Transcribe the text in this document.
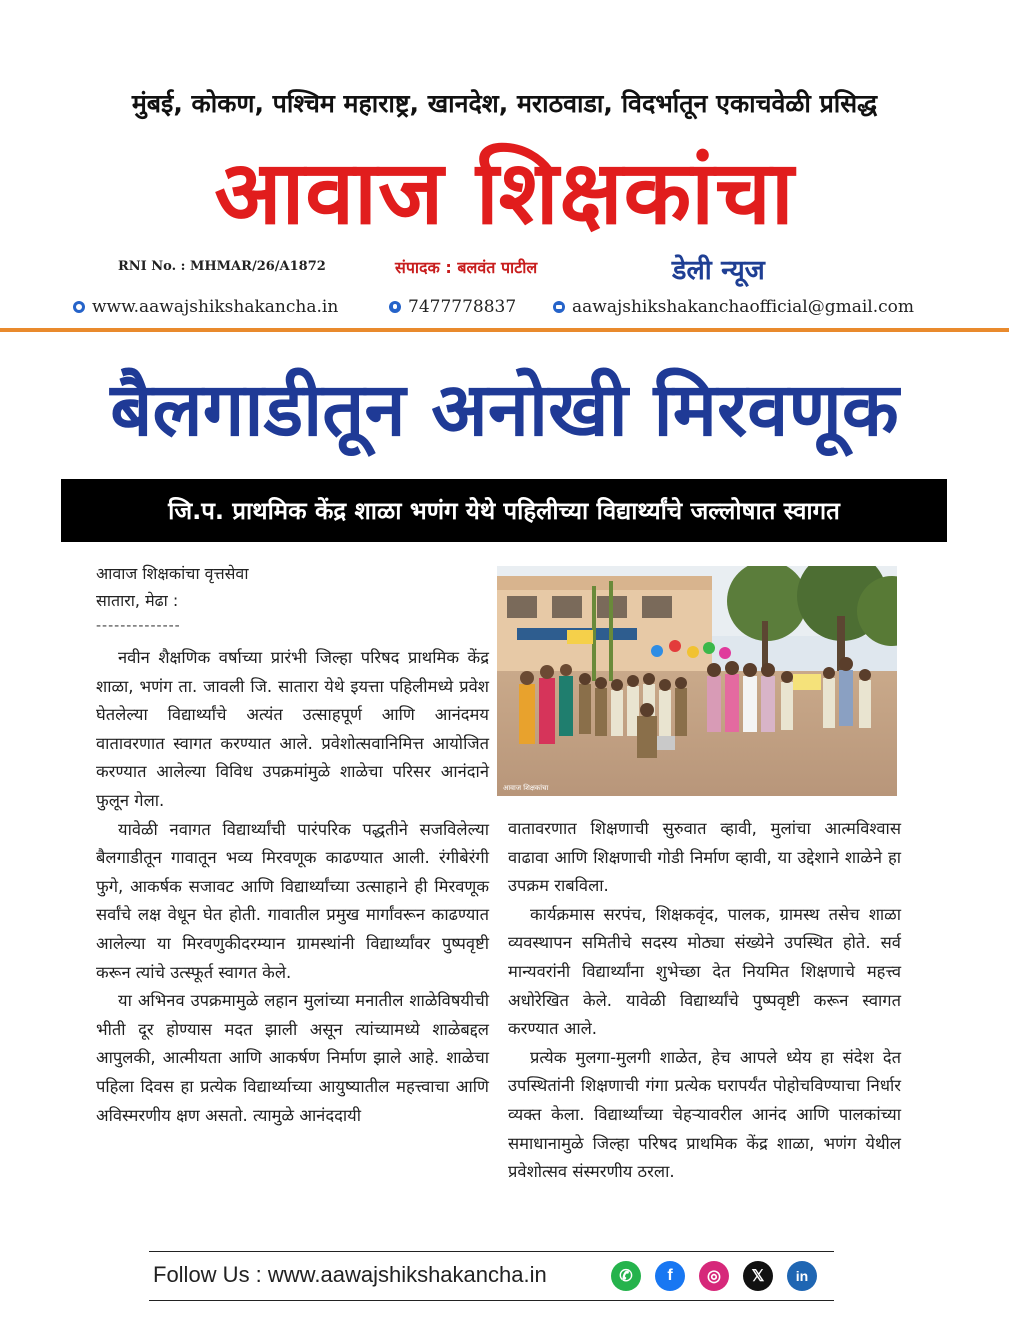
मुंबई, कोकण, पश्चिम महाराष्ट्र, खानदेश, मराठवाडा, विदर्भातून एकाचवेळी प्रसिद्ध
आवाज शिक्षकांचा
RNI No. : MHMAR/26/A1872	संपादक : बलवंत पाटील	डेली न्यूज
www.aawajshikshakancha.in	7477778837	aawajshikshakanchaofficial@gmail.com
बैलगाडीतून अनोखी मिरवणूक
जि.प. प्राथमिक केंद्र शाळा भणंग येथे पहिलीच्या विद्यार्थ्यांचे जल्लोषात स्वागत
आवाज शिक्षकांचा वृत्तसेवा
सातारा, मेढा :
--------------
आवाज शिक्षकांचा

नवीन शैक्षणिक वर्षाच्या प्रारंभी जिल्हा परिषद प्राथमिक केंद्र शाळा, भणंग ता. जावली जि. सातारा येथे इयत्ता पहिलीमध्ये प्रवेश घेतलेल्या विद्यार्थ्यांचे अत्यंत उत्साहपूर्ण आणि आनंदमय वातावरणात स्वागत करण्यात आले. प्रवेशोत्सवानिमित्त आयोजित करण्यात आलेल्या विविध उपक्रमांमुळे शाळेचा परिसर आनंदाने फुलून गेला.

यावेळी नवागत विद्यार्थ्यांची पारंपरिक पद्धतीने सजविलेल्या बैलगाडीतून गावातून भव्य मिरवणूक काढण्यात आली. रंगीबेरंगी फुगे, आकर्षक सजावट आणि विद्यार्थ्यांच्या उत्साहाने ही मिरवणूक सर्वांचे लक्ष वेधून घेत होती. गावातील प्रमुख मार्गांवरून काढण्यात आलेल्या या मिरवणुकीदरम्यान ग्रामस्थांनी विद्यार्थ्यांवर पुष्पवृष्टी करून त्यांचे उत्स्फूर्त स्वागत केले.

या अभिनव उपक्रमामुळे लहान मुलांच्या मनातील शाळेविषयीची भीती दूर होण्यास मदत झाली असून त्यांच्यामध्ये शाळेबद्दल आपुलकी, आत्मीयता आणि आकर्षण निर्माण झाले आहे. शाळेचा पहिला दिवस हा प्रत्येक विद्यार्थ्याच्या आयुष्यातील महत्त्वाचा आणि अविस्मरणीय क्षण असतो. त्यामुळे आनंददायी

वातावरणात शिक्षणाची सुरुवात व्हावी, मुलांचा आत्मविश्वास वाढावा आणि शिक्षणाची गोडी निर्माण व्हावी, या उद्देशाने शाळेने हा उपक्रम राबविला.

कार्यक्रमास सरपंच, शिक्षकवृंद, पालक, ग्रामस्थ तसेच शाळा व्यवस्थापन समितीचे सदस्य मोठ्या संख्येने उपस्थित होते. सर्व मान्यवरांनी विद्यार्थ्यांना शुभेच्छा देत नियमित शिक्षणाचे महत्त्व अधोरेखित केले. यावेळी विद्यार्थ्यांचे पुष्पवृष्टी करून स्वागत करण्यात आले.

प्रत्येक मुलगा-मुलगी शाळेत, हेच आपले ध्येय हा संदेश देत उपस्थितांनी शिक्षणाची गंगा प्रत्येक घरापर्यंत पोहोचविण्याचा निर्धार व्यक्त केला. विद्यार्थ्यांच्या चेहऱ्यावरील आनंद आणि पालकांच्या समाधानामुळे जिल्हा परिषद प्राथमिक केंद्र शाळा, भणंग येथील प्रवेशोत्सव संस्मरणीय ठरला.

Follow Us : www.aawajshikshakancha.in	✆	f	◎	𝕏	in
